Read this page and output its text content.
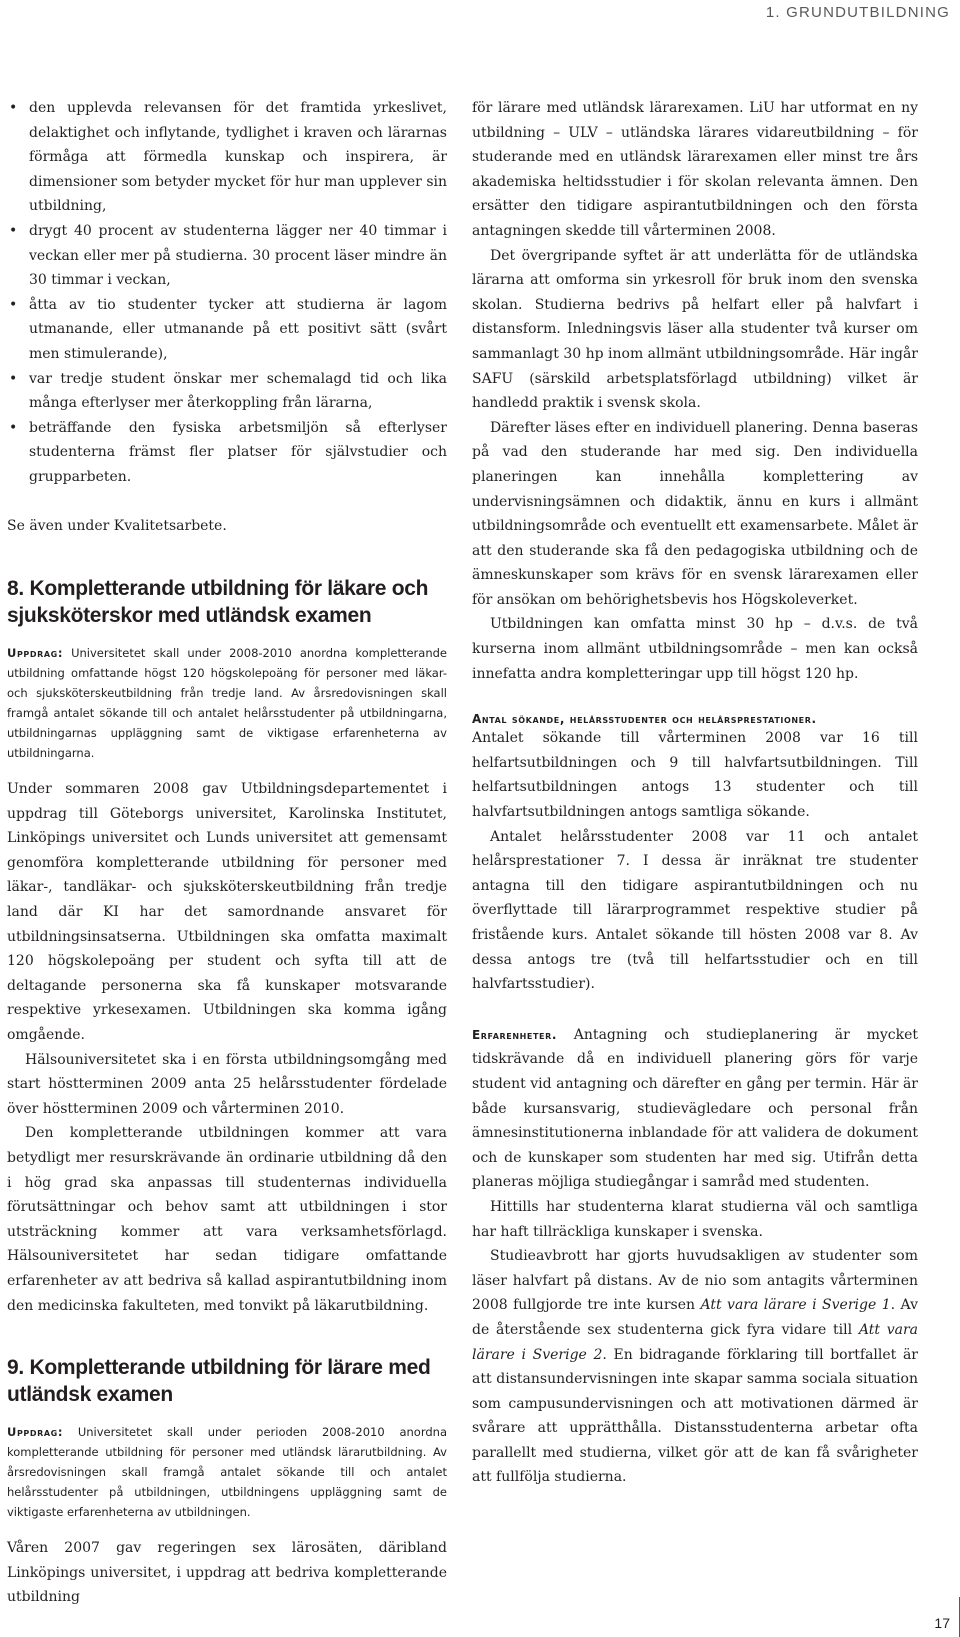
1. GRUNDUTBILDNING
• den upplevda relevansen för det framtida yrkeslivet, delaktighet och inflytande, tydlighet i kraven och lärarnas förmåga att förmedla kunskap och inspirera, är dimensioner som betyder mycket för hur man upplever sin utbildning,
• drygt 40 procent av studenterna lägger ner 40 timmar i veckan eller mer på studierna. 30 procent läser mindre än 30 timmar i veckan,
• åtta av tio studenter tycker att studierna är lagom utmanande, eller utmanande på ett positivt sätt (svårt men stimulerande),
• var tredje student önskar mer schemalagd tid och lika många efterlyser mer återkoppling från lärarna,
• beträffande den fysiska arbetsmiljön så efterlyser studenterna främst fler platser för självstudier och grupparbeten.

Se även under Kvalitetsarbete.

8. Kompletterande utbildning för läkare och sjuksköterskor med utländsk examen
Uppdrag: Universitetet skall under 2008-2010 anordna kompletterande utbildning omfattande högst 120 högskolepoäng för personer med läkar- och sjuksköterskeutbildning från tredje land. Av årsredovisningen skall framgå antalet sökande till och antalet helårsstudenter på utbildningarna, utbildningarnas uppläggning samt de viktigase erfarenheterna av utbildningarna.

Under sommaren 2008 gav Utbildningsdepartementet i uppdrag till Göteborgs universitet, Karolinska Institutet, Linköpings universitet och Lunds universitet att gemensamt genomföra kompletterande utbildning för personer med läkar-, tandläkar- och sjuksköterskeutbildning från tredje land där KI har det samordnande ansvaret för utbildningsinsatserna. Utbildningen ska omfatta maximalt 120 högskolepoäng per student och syfta till att de deltagande personerna ska få kunskaper motsvarande respektive yrkesexamen. Utbildningen ska komma igång omgående.

Hälsouniversitetet ska i en första utbildningsomgång med start höstterminen 2009 anta 25 helårsstudenter fördelade över höstterminen 2009 och vårterminen 2010.

Den kompletterande utbildningen kommer att vara betydligt mer resurskrävande än ordinarie utbildning då den i hög grad ska anpassas till studenternas individuella förutsättningar och behov samt att utbildningen i stor utsträckning kommer att vara verksamhetsförlagd. Hälsouniversitetet har sedan tidigare omfattande erfarenheter av att bedriva så kallad aspirantutbildning inom den medicinska fakulteten, med tonvikt på läkarutbildning.

9. Kompletterande utbildning för lärare med utländsk examen
Uppdrag: Universitetet skall under perioden 2008-2010 anordna kompletterande utbildning för personer med utländsk lärarutbildning. Av årsredovisningen skall framgå antalet sökande till och antalet helårsstudenter på utbildningen, utbildningens uppläggning samt de viktigaste erfarenheterna av utbildningen.

Våren 2007 gav regeringen sex lärosäten, däribland Linköpings universitet, i uppdrag att bedriva kompletterande utbildning

för lärare med utländsk lärarexamen. LiU har utformat en ny utbildning – ULV – utländska lärares vidareutbildning – för studerande med en utländsk lärarexamen eller minst tre års akademiska heltidsstudier i för skolan relevanta ämnen. Den ersätter den tidigare aspirantutbildningen och den första antagningen skedde till vårterminen 2008.

Det övergripande syftet är att underlätta för de utländska lärarna att omforma sin yrkesroll för bruk inom den svenska skolan. Studierna bedrivs på helfart eller på halvfart i distansform. Inledningsvis läser alla studenter två kurser om sammanlagt 30 hp inom allmänt utbildningsområde. Här ingår SAFU (särskild arbetsplatsförlagd utbildning) vilket är handledd praktik i svensk skola.

Därefter läses efter en individuell planering. Denna baseras på vad den studerande har med sig. Den individuella planeringen kan innehålla komplettering av undervisningsämnen och didaktik, ännu en kurs i allmänt utbildningsområde och eventuellt ett examensarbete. Målet är att den studerande ska få den pedagogiska utbildning och de ämneskunskaper som krävs för en svensk lärarexamen eller för ansökan om behörighetsbevis hos Högskoleverket.

Utbildningen kan omfatta minst 30 hp – d.v.s. de två kurserna inom allmänt utbildningsområde – men kan också innefatta andra kompletteringar upp till högst 120 hp.

Antal sökande, helårsstudenter och helårsprestationer.

Antalet sökande till vårterminen 2008 var 16 till helfartsutbildningen och 9 till halvfartsutbildningen. Till helfartsutbildningen antogs 13 studenter och till halvfartsutbildningen antogs samtliga sökande.

Antalet helårsstudenter 2008 var 11 och antalet helårsprestationer 7. I dessa är inräknat tre studenter antagna till den tidigare aspirantutbildningen och nu överflyttade till lärarprogrammet respektive studier på fristående kurs. Antalet sökande till hösten 2008 var 8. Av dessa antogs tre (två till helfartsstudier och en till halvfartsstudier).

Erfarenheter. Antagning och studieplanering är mycket tidskrävande då en individuell planering görs för varje student vid antagning och därefter en gång per termin. Här är både kursansvarig, studievägledare och personal från ämnesinstitutionerna inblandade för att validera de dokument och de kunskaper som studenten har med sig. Utifrån detta planeras möjliga studiegångar i samråd med studenten.

Hittills har studenterna klarat studierna väl och samtliga har haft tillräckliga kunskaper i svenska.

Studieavbrott har gjorts huvudsakligen av studenter som läser halvfart på distans. Av de nio som antagits vårterminen 2008 fullgjorde tre inte kursen Att vara lärare i Sverige 1. Av de återstående sex studenterna gick fyra vidare till Att vara lärare i Sverige 2. En bidragande förklaring till bortfallet är att distansundervisningen inte skapar samma sociala situation som campusundervisningen och att motivationen därmed är svårare att upprätthålla. Distansstudenterna arbetar ofta parallellt med studierna, vilket gör att de kan få svårigheter att fullfölja studierna.

17
